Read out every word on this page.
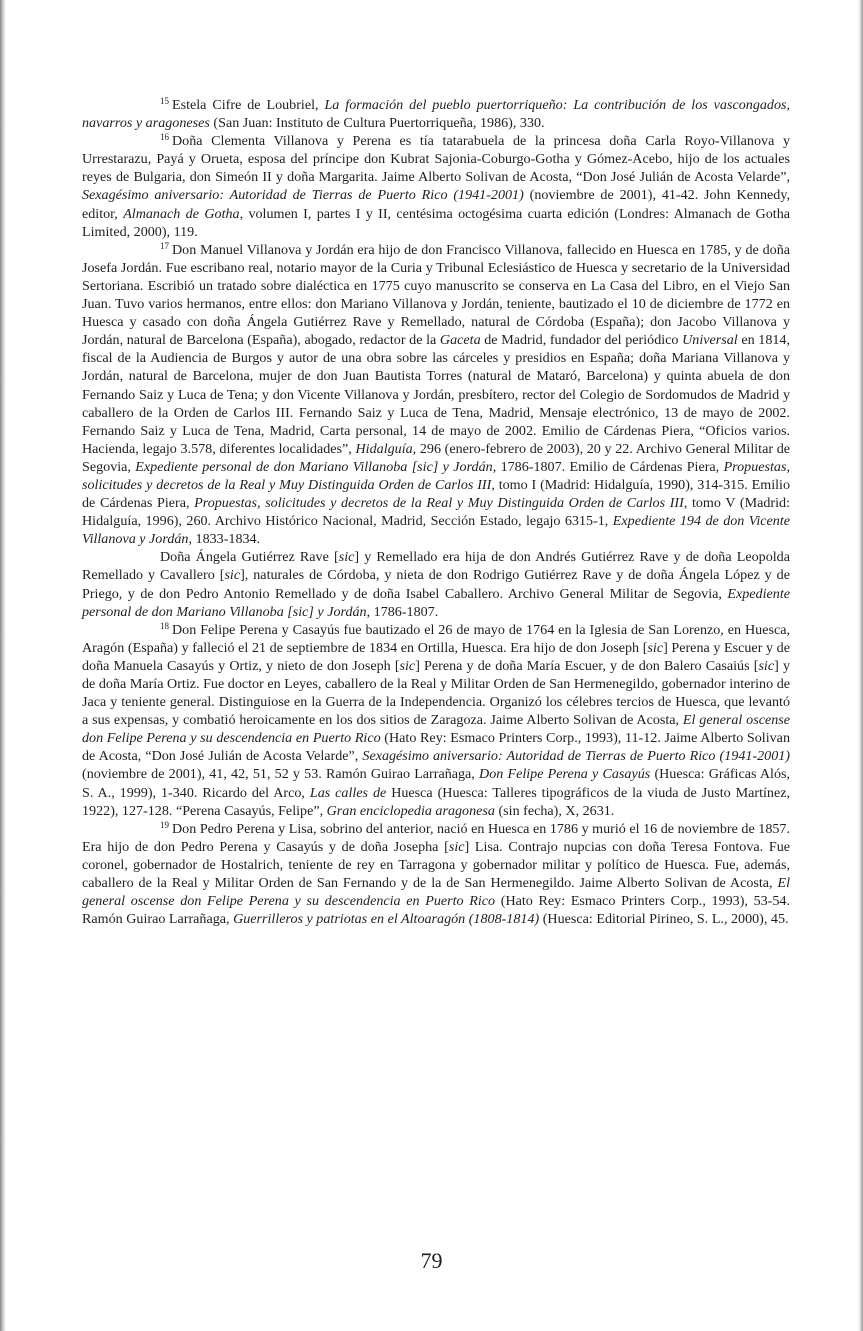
$^{15}$ Estela Cifre de Loubriel, La formación del pueblo puertorriqueño: La contribución de los vascongados, navarros y aragoneses (San Juan: Instituto de Cultura Puertorriqueña, 1986), 330.

$^{16}$ Doña Clementa Villanova y Perena es tía tatarabuela de la princesa doña Carla Royo-Villanova y Urrestarazu, Payá y Orueta, esposa del príncipe don Kubrat Sajonia-Coburgo-Gotha y Gómez-Acebo, hijo de los actuales reyes de Bulgaria, don Simeón II y doña Margarita. Jaime Alberto Solivan de Acosta, “Don José Julián de Acosta Velarde”, Sexagésimo aniversario: Autoridad de Tierras de Puerto Rico (1941-2001) (noviembre de 2001), 41-42. John Kennedy, editor, Almanach de Gotha, volumen I, partes I y II, centésima octogésima cuarta edición (Londres: Almanach de Gotha Limited, 2000), 119.

$^{17}$ Don Manuel Villanova y Jordán era hijo de don Francisco Villanova, fallecido en Huesca en 1785, y de doña Josefa Jordán. Fue escribano real, notario mayor de la Curia y Tribunal Eclesiástico de Huesca y secretario de la Universidad Sertoriana. Escribió un tratado sobre dialéctica en 1775 cuyo manuscrito se conserva en La Casa del Libro, en el Viejo San Juan. Tuvo varios hermanos, entre ellos: don Mariano Villanova y Jordán, teniente, bautizado el 10 de diciembre de 1772 en Huesca y casado con doña Ángela Gutiérrez Rave y Remellado, natural de Córdoba (España); don Jacobo Villanova y Jordán, natural de Barcelona (España), abogado, redactor de la Gaceta de Madrid, fundador del periódico Universal en 1814, fiscal de la Audiencia de Burgos y autor de una obra sobre las cárceles y presidios en España; doña Mariana Villanova y Jordán, natural de Barcelona, mujer de don Juan Bautista Torres (natural de Mataró, Barcelona) y quinta abuela de don Fernando Saiz y Luca de Tena; y don Vicente Villanova y Jordán, presbítero, rector del Colegio de Sordomudos de Madrid y caballero de la Orden de Carlos III. Fernando Saiz y Luca de Tena, Madrid, Mensaje electrónico, 13 de mayo de 2002. Fernando Saiz y Luca de Tena, Madrid, Carta personal, 14 de mayo de 2002. Emilio de Cárdenas Piera, “Oficios varios. Hacienda, legajo 3.578, diferentes localidades”, Hidalguía, 296 (enero-febrero de 2003), 20 y 22. Archivo General Militar de Segovia, Expediente personal de don Mariano Villanoba [sic] y Jordán, 1786-1807. Emilio de Cárdenas Piera, Propuestas, solicitudes y decretos de la Real y Muy Distinguida Orden de Carlos III, tomo I (Madrid: Hidalguía, 1990), 314-315. Emilio de Cárdenas Piera, Propuestas, solicitudes y decretos de la Real y Muy Distinguida Orden de Carlos III, tomo V (Madrid: Hidalguía, 1996), 260. Archivo Histórico Nacional, Madrid, Sección Estado, legajo 6315-1, Expediente 194 de don Vicente Villanova y Jordán, 1833-1834.

Doña Ángela Gutiérrez Rave [sic] y Remellado era hija de don Andrés Gutiérrez Rave y de doña Leopolda Remellado y Cavallero [sic], naturales de Córdoba, y nieta de don Rodrigo Gutiérrez Rave y de doña Ángela López y de Priego, y de don Pedro Antonio Remellado y de doña Isabel Caballero. Archivo General Militar de Segovia, Expediente personal de don Mariano Villanoba [sic] y Jordán, 1786-1807.

$^{18}$ Don Felipe Perena y Casayús fue bautizado el 26 de mayo de 1764 en la Iglesia de San Lorenzo, en Huesca, Aragón (España) y falleció el 21 de septiembre de 1834 en Ortilla, Huesca. Era hijo de don Joseph [sic] Perena y Escuer y de doña Manuela Casayús y Ortiz, y nieto de don Joseph [sic] Perena y de doña María Escuer, y de don Balero Casaiús [sic] y de doña María Ortiz. Fue doctor en Leyes, caballero de la Real y Militar Orden de San Hermenegildo, gobernador interino de Jaca y teniente general. Distinguiose en la Guerra de la Independencia. Organizó los célebres tercios de Huesca, que levantó a sus expensas, y combatió heroicamente en los dos sitios de Zaragoza. Jaime Alberto Solivan de Acosta, El general oscense don Felipe Perena y su descendencia en Puerto Rico (Hato Rey: Esmaco Printers Corp., 1993), 11-12. Jaime Alberto Solivan de Acosta, “Don José Julián de Acosta Velarde”, Sexagésimo aniversario: Autoridad de Tierras de Puerto Rico (1941-2001) (noviembre de 2001), 41, 42, 51, 52 y 53. Ramón Guirao Larrañaga, Don Felipe Perena y Casayús (Huesca: Gráficas Alós, S. A., 1999), 1-340. Ricardo del Arco, Las calles de Huesca (Huesca: Talleres tipográficos de la viuda de Justo Martínez, 1922), 127-128. “Perena Casayús, Felipe”, Gran enciclopedia aragonesa (sin fecha), X, 2631.

$^{19}$ Don Pedro Perena y Lisa, sobrino del anterior, nació en Huesca en 1786 y murió el 16 de noviembre de 1857. Era hijo de don Pedro Perena y Casayús y de doña Josepha [sic] Lisa. Contrajo nupcias con doña Teresa Fontova. Fue coronel, gobernador de Hostalrich, teniente de rey en Tarragona y gobernador militar y político de Huesca. Fue, además, caballero de la Real y Militar Orden de San Fernando y de la de San Hermenegildo. Jaime Alberto Solivan de Acosta, El general oscense don Felipe Perena y su descendencia en Puerto Rico (Hato Rey: Esmaco Printers Corp., 1993), 53-54. Ramón Guirao Larrañaga, Guerrilleros y patriotas en el Altoaragón (1808-1814) (Huesca: Editorial Pirineo, S. L., 2000), 45.

79
